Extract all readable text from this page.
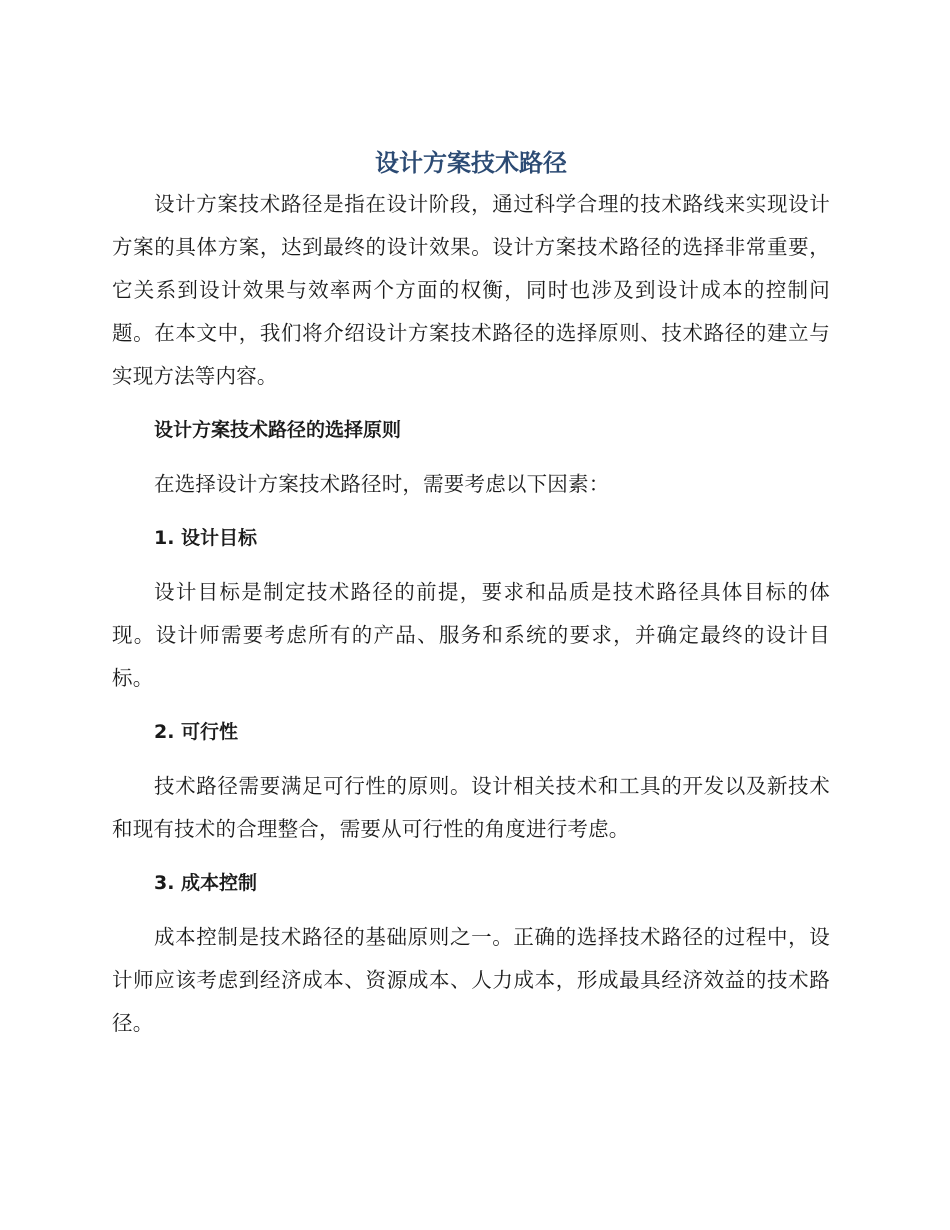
设计方案技术路径

设计方案技术路径是指在设计阶段，通过科学合理的技术路线来实现设计方案的具体方案，达到最终的设计效果。设计方案技术路径的选择非常重要，它关系到设计效果与效率两个方面的权衡，同时也涉及到设计成本的控制问题。在本文中，我们将介绍设计方案技术路径的选择原则、技术路径的建立与实现方法等内容。

设计方案技术路径的选择原则

在选择设计方案技术路径时，需要考虑以下因素：

1. 设计目标

设计目标是制定技术路径的前提，要求和品质是技术路径具体目标的体现。设计师需要考虑所有的产品、服务和系统的要求，并确定最终的设计目标。

2. 可行性

技术路径需要满足可行性的原则。设计相关技术和工具的开发以及新技术和现有技术的合理整合，需要从可行性的角度进行考虑。

3. 成本控制

成本控制是技术路径的基础原则之一。正确的选择技术路径的过程中，设计师应该考虑到经济成本、资源成本、人力成本，形成最具经济效益的技术路径。
